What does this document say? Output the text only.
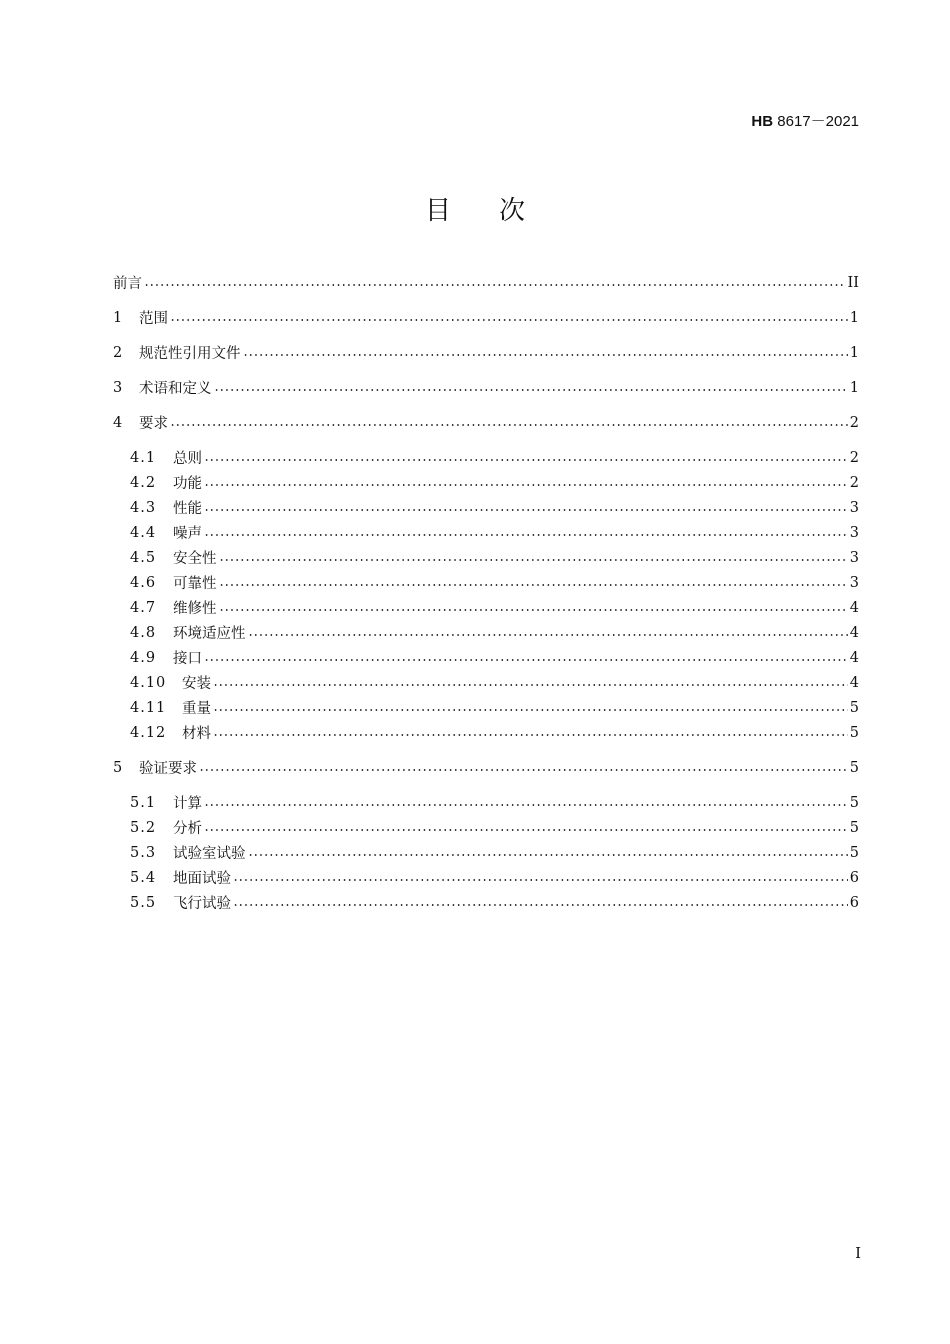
HB 8617－2021
目次
前言	II
1	范围	1
2	规范性引用文件	1
3	术语和定义	1
4	要求	2
4.1	总则	2
4.2	功能	2
4.3	性能	3
4.4	噪声	3
4.5	安全性	3
4.6	可靠性	3
4.7	维修性	4
4.8	环境适应性	4
4.9	接口	4
4.10	安装	4
4.11	重量	5
4.12	材料	5
5	验证要求	5
5.1	计算	5
5.2	分析	5
5.3	试验室试验	5
5.4	地面试验	6
5.5	飞行试验	6
I
